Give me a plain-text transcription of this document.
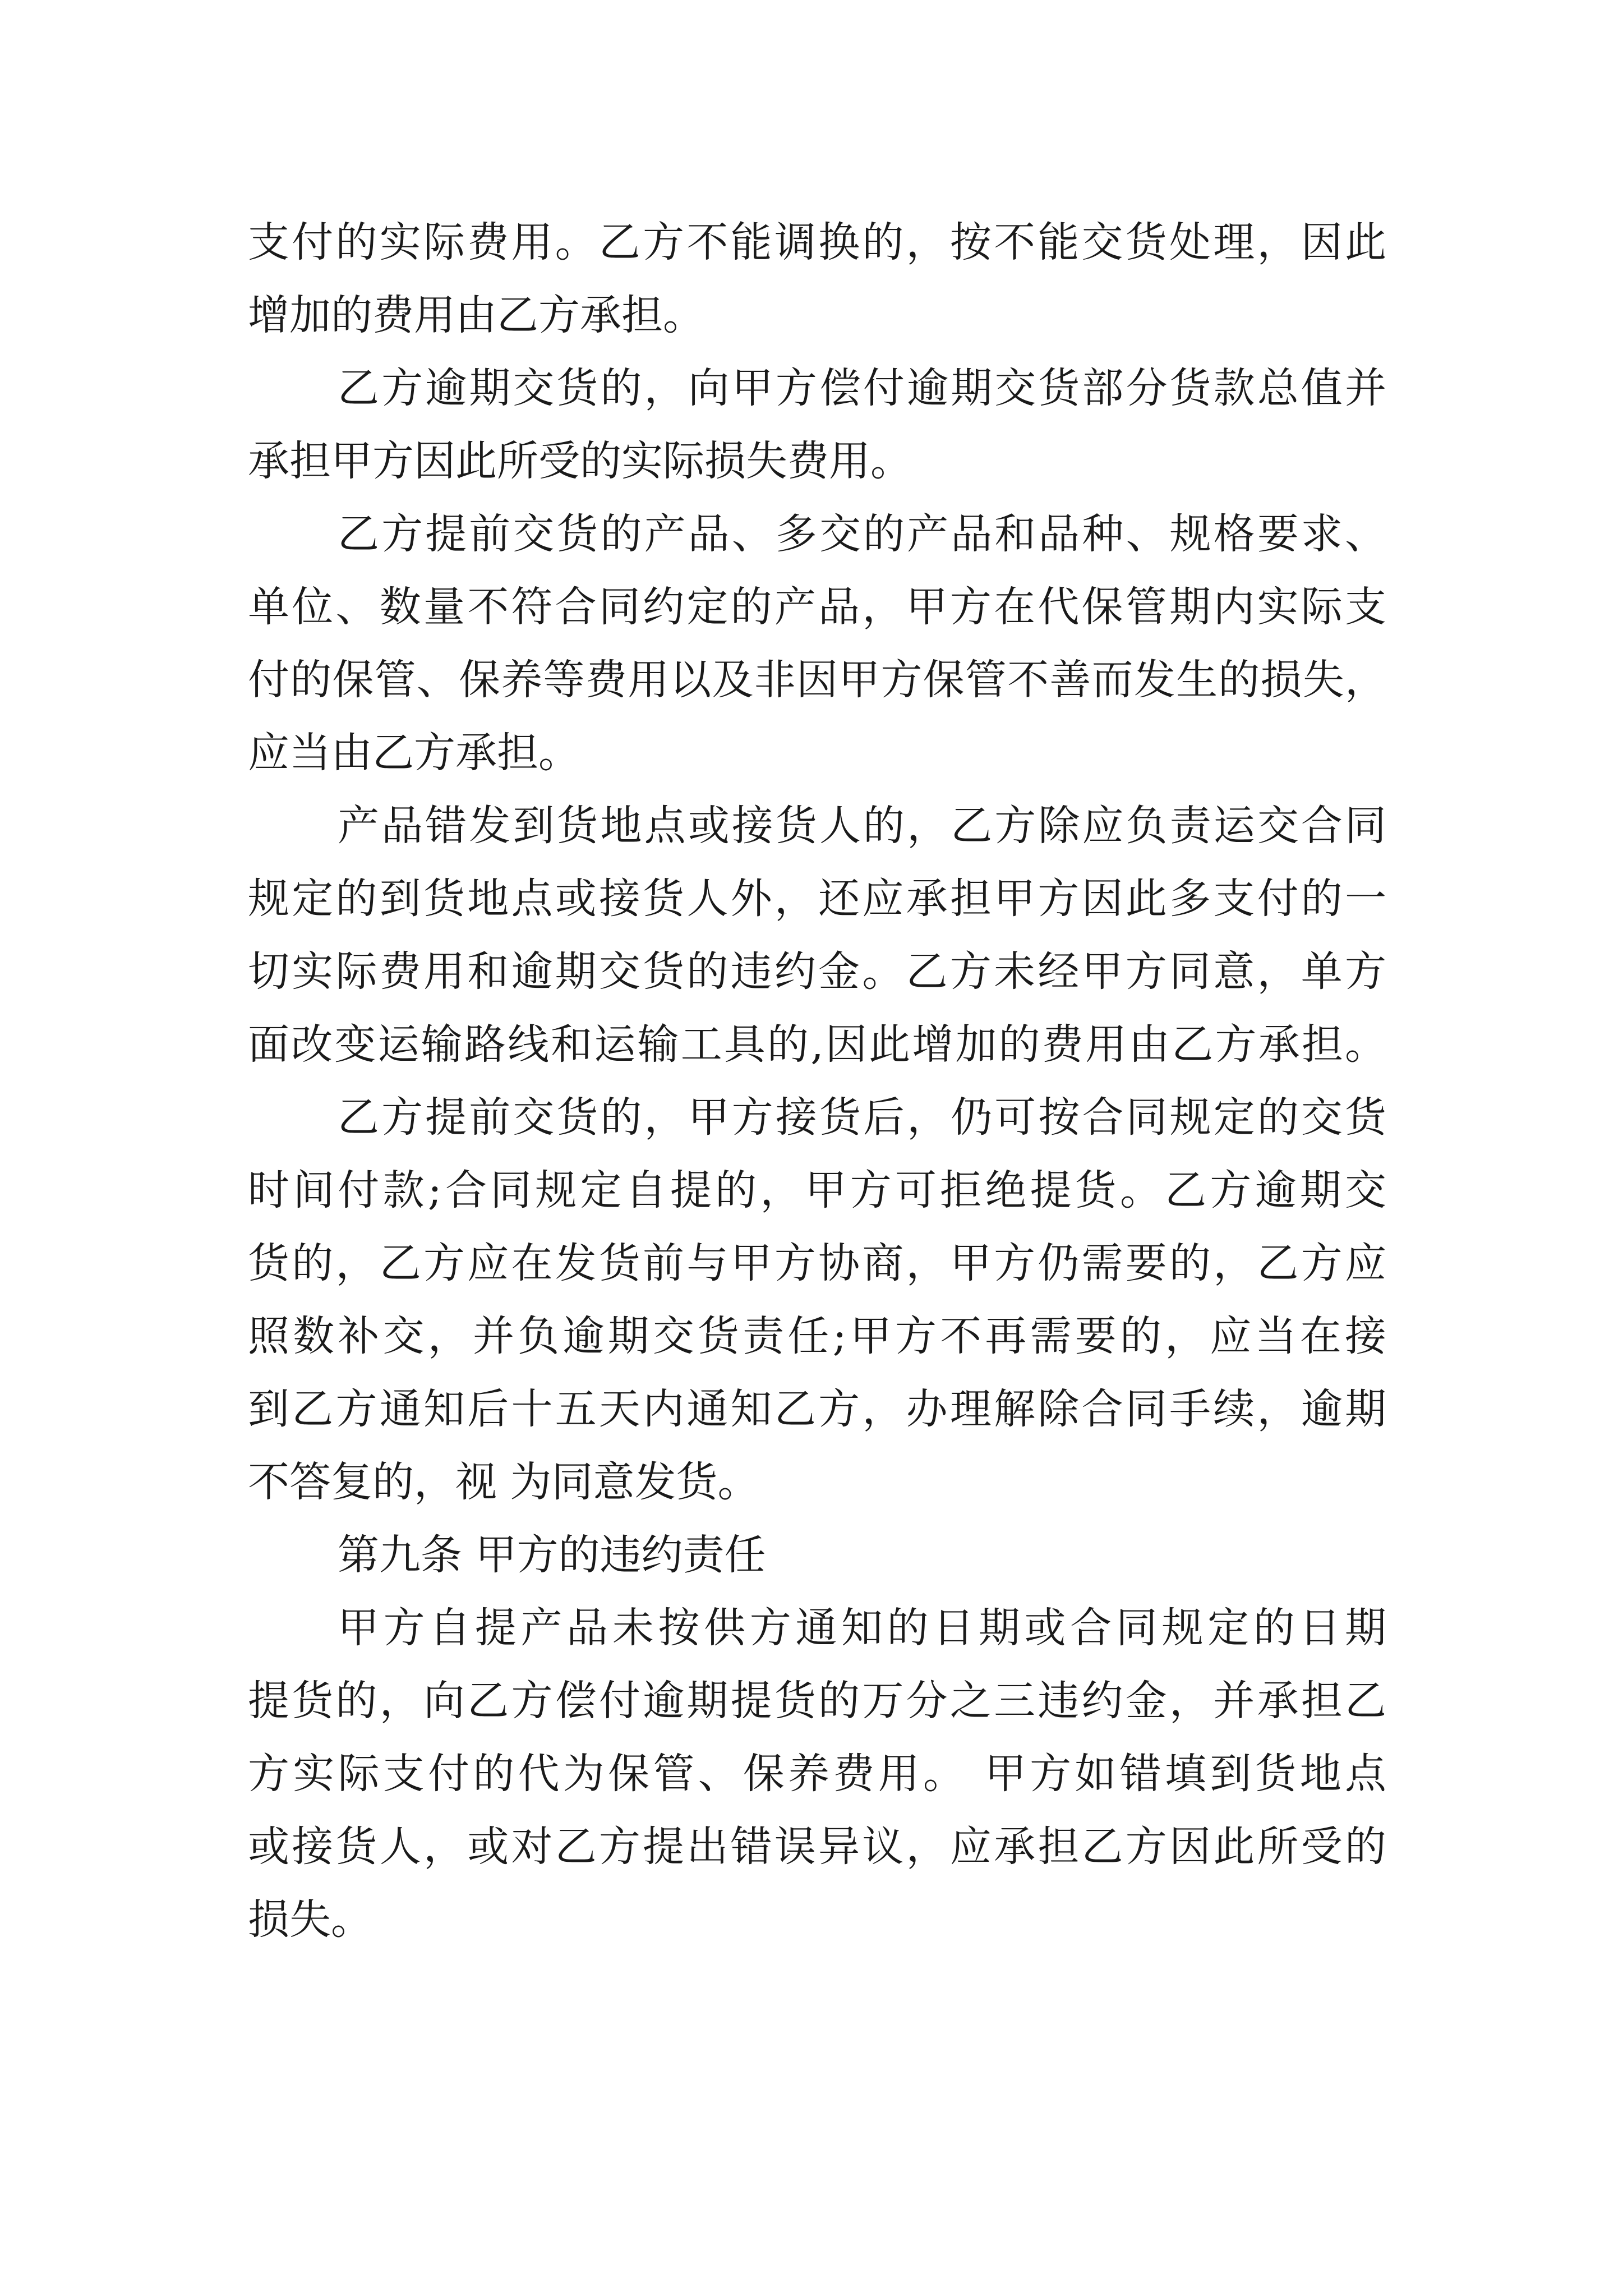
支付的实际费用。乙方不能调换的，按不能交货处理，因此
增加的费用由乙方承担。
乙方逾期交货的，向甲方偿付逾期交货部分货款总值并
承担甲方因此所受的实际损失费用。
乙方提前交货的产品、多交的产品和品种、规格要求、
单位、数量不符合同约定的产品，甲方在代保管期内实际支
付的保管、保养等费用以及非因甲方保管不善而发生的损失，
应当由乙方承担。
产品错发到货地点或接货人的，乙方除应负责运交合同
规定的到货地点或接货人外，还应承担甲方因此多支付的一
切实际费用和逾期交货的违约金。乙方未经甲方同意，单方
面改变运输路线和运输工具的,因此增加的费用由乙方承担。
乙方提前交货的，甲方接货后，仍可按合同规定的交货
时间付款;合同规定自提的，甲方可拒绝提货。乙方逾期交
货的，乙方应在发货前与甲方协商，甲方仍需要的，乙方应
照数补交，并负逾期交货责任;甲方不再需要的，应当在接
到乙方通知后十五天内通知乙方，办理解除合同手续，逾期
不答复的，视 为同意发货。
第九条 甲方的违约责任
甲方自提产品未按供方通知的日期或合同规定的日期
提货的，向乙方偿付逾期提货的万分之三违约金，并承担乙
方实际支付的代为保管、保养费用。 甲方如错填到货地点
或接货人，或对乙方提出错误异议，应承担乙方因此所受的
损失。
